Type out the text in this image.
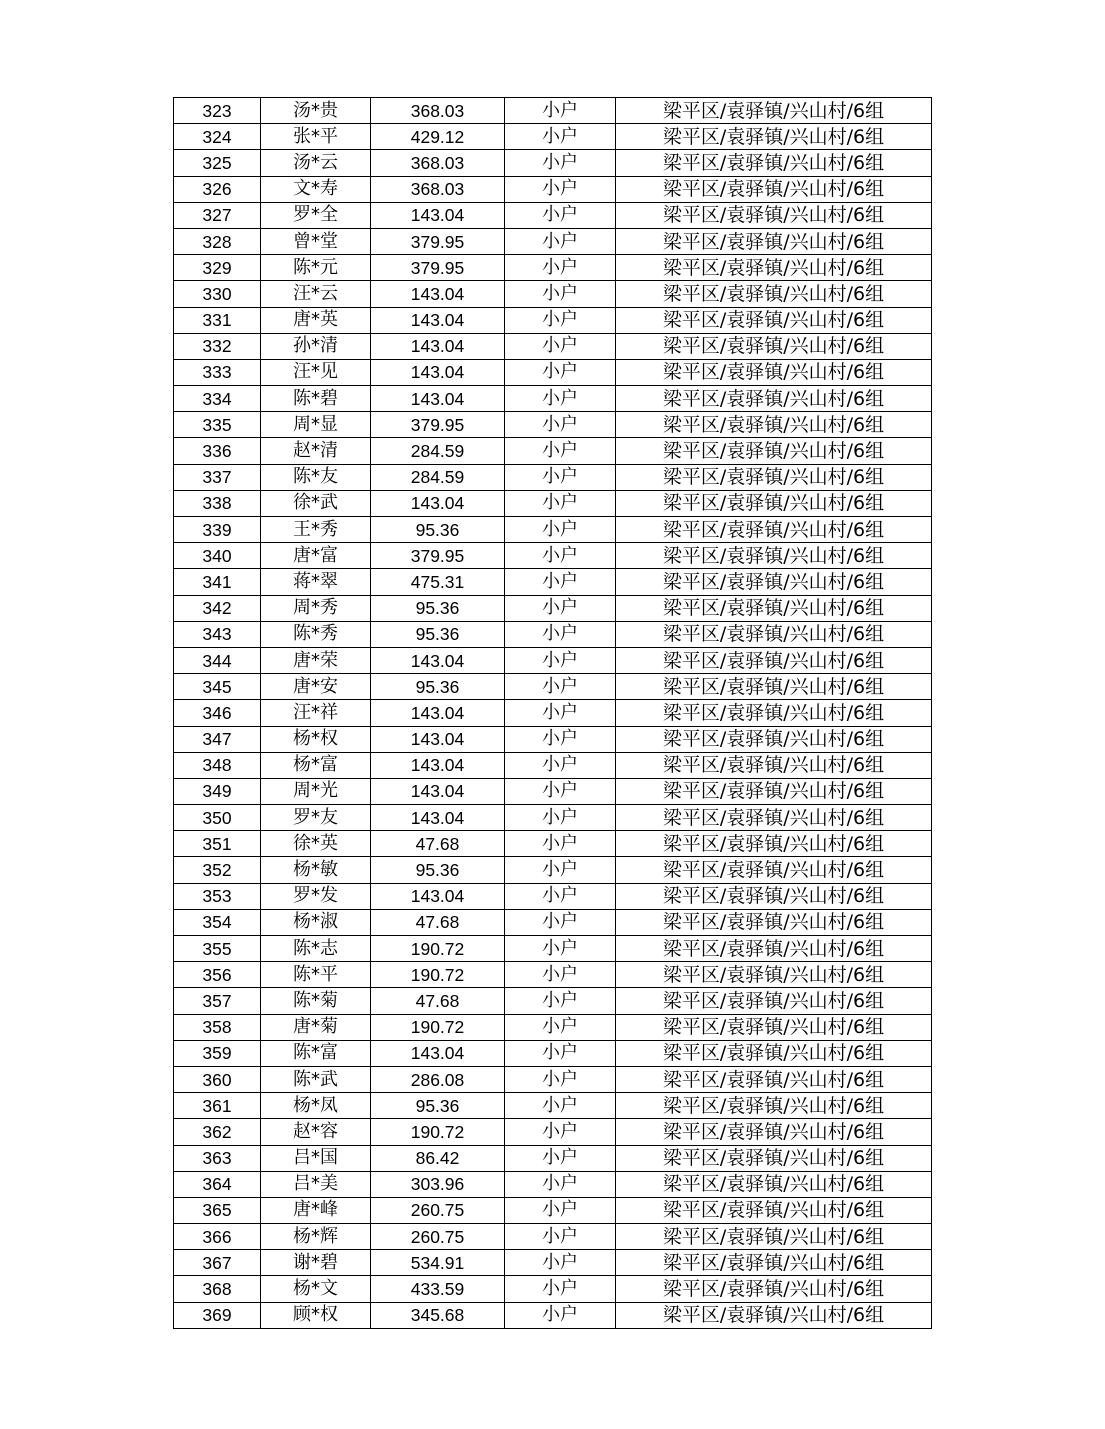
323	汤*贵	368.03	小户	梁平区/袁驿镇/兴山村/6组
324	张*平	429.12	小户	梁平区/袁驿镇/兴山村/6组
325	汤*云	368.03	小户	梁平区/袁驿镇/兴山村/6组
326	文*寿	368.03	小户	梁平区/袁驿镇/兴山村/6组
327	罗*全	143.04	小户	梁平区/袁驿镇/兴山村/6组
328	曾*堂	379.95	小户	梁平区/袁驿镇/兴山村/6组
329	陈*元	379.95	小户	梁平区/袁驿镇/兴山村/6组
330	汪*云	143.04	小户	梁平区/袁驿镇/兴山村/6组
331	唐*英	143.04	小户	梁平区/袁驿镇/兴山村/6组
332	孙*清	143.04	小户	梁平区/袁驿镇/兴山村/6组
333	汪*见	143.04	小户	梁平区/袁驿镇/兴山村/6组
334	陈*碧	143.04	小户	梁平区/袁驿镇/兴山村/6组
335	周*显	379.95	小户	梁平区/袁驿镇/兴山村/6组
336	赵*清	284.59	小户	梁平区/袁驿镇/兴山村/6组
337	陈*友	284.59	小户	梁平区/袁驿镇/兴山村/6组
338	徐*武	143.04	小户	梁平区/袁驿镇/兴山村/6组
339	王*秀	95.36	小户	梁平区/袁驿镇/兴山村/6组
340	唐*富	379.95	小户	梁平区/袁驿镇/兴山村/6组
341	蒋*翠	475.31	小户	梁平区/袁驿镇/兴山村/6组
342	周*秀	95.36	小户	梁平区/袁驿镇/兴山村/6组
343	陈*秀	95.36	小户	梁平区/袁驿镇/兴山村/6组
344	唐*荣	143.04	小户	梁平区/袁驿镇/兴山村/6组
345	唐*安	95.36	小户	梁平区/袁驿镇/兴山村/6组
346	汪*祥	143.04	小户	梁平区/袁驿镇/兴山村/6组
347	杨*权	143.04	小户	梁平区/袁驿镇/兴山村/6组
348	杨*富	143.04	小户	梁平区/袁驿镇/兴山村/6组
349	周*光	143.04	小户	梁平区/袁驿镇/兴山村/6组
350	罗*友	143.04	小户	梁平区/袁驿镇/兴山村/6组
351	徐*英	47.68	小户	梁平区/袁驿镇/兴山村/6组
352	杨*敏	95.36	小户	梁平区/袁驿镇/兴山村/6组
353	罗*发	143.04	小户	梁平区/袁驿镇/兴山村/6组
354	杨*淑	47.68	小户	梁平区/袁驿镇/兴山村/6组
355	陈*志	190.72	小户	梁平区/袁驿镇/兴山村/6组
356	陈*平	190.72	小户	梁平区/袁驿镇/兴山村/6组
357	陈*菊	47.68	小户	梁平区/袁驿镇/兴山村/6组
358	唐*菊	190.72	小户	梁平区/袁驿镇/兴山村/6组
359	陈*富	143.04	小户	梁平区/袁驿镇/兴山村/6组
360	陈*武	286.08	小户	梁平区/袁驿镇/兴山村/6组
361	杨*凤	95.36	小户	梁平区/袁驿镇/兴山村/6组
362	赵*容	190.72	小户	梁平区/袁驿镇/兴山村/6组
363	吕*国	86.42	小户	梁平区/袁驿镇/兴山村/6组
364	吕*美	303.96	小户	梁平区/袁驿镇/兴山村/6组
365	唐*峰	260.75	小户	梁平区/袁驿镇/兴山村/6组
366	杨*辉	260.75	小户	梁平区/袁驿镇/兴山村/6组
367	谢*碧	534.91	小户	梁平区/袁驿镇/兴山村/6组
368	杨*文	433.59	小户	梁平区/袁驿镇/兴山村/6组
369	顾*权	345.68	小户	梁平区/袁驿镇/兴山村/6组
